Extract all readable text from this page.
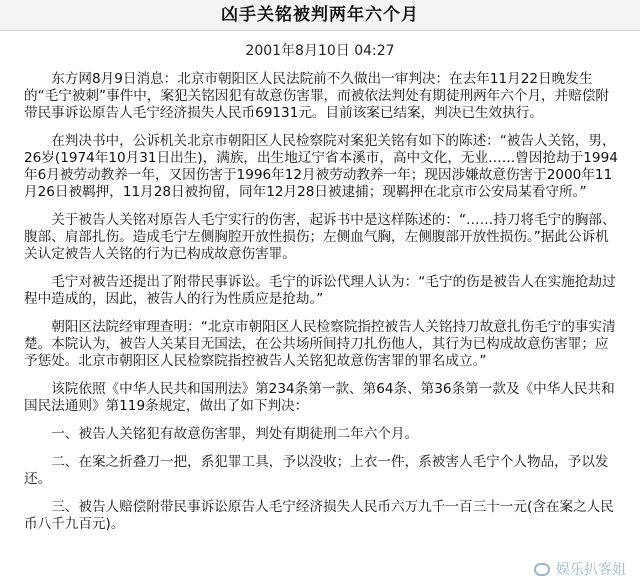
凶手关铭被判两年六个月
2001年8月10日 04:27

东方网8月9日消息：北京市朝阳区人民法院前不久做出一审判决：在去年11月22日晚发生的“毛宁被刺”事件中，案犯关铭因犯有故意伤害罪，而被依法判处有期徒刑两年六个月，并赔偿附带民事诉讼原告人毛宁经济损失人民币69131元。目前该案已结案，判决已生效执行。

在判决书中，公诉机关北京市朝阳区人民检察院对案犯关铭有如下的陈述：“被告人关铭，男，26岁(1974年10月31日出生)，满族，出生地辽宁省本溪市，高中文化，无业……曾因抢劫于1994年6月被劳动教养一年，又因伤害于1996年12月被劳动教养一年；现因涉嫌故意伤害于2000年11月26日被羁押，11月28日被拘留，同年12月28日被逮捕；现羁押在北京市公安局某看守所。”

关于被告人关铭对原告人毛宁实行的伤害，起诉书中是这样陈述的：“……持刀将毛宁的胸部、腹部、肩部扎伤。造成毛宁左侧胸腔开放性损伤；左侧血气胸，左侧腹部开放性损伤。”据此公诉机关认定被告人关铭的行为已构成故意伤害罪。

毛宁对被告还提出了附带民事诉讼。毛宁的诉讼代理人认为：“毛宁的伤是被告人在实施抢劫过程中造成的，因此，被告人的行为性质应是抢劫。”

朝阳区法院经审理查明：“北京市朝阳区人民检察院指控被告人关铭持刀故意扎伤毛宁的事实清楚。本院认为，被告人关某目无国法，在公共场所间持刀扎伤他人，其行为已构成故意伤害罪；应予惩处。北京市朝阳区人民检察院指控被告人关铭犯故意伤害罪的罪名成立。”

该院依照《中华人民共和国刑法》第234条第一款、第64条、第36条第一款及《中华人民共和国民法通则》第119条规定，做出了如下判决：

一、被告人关铭犯有故意伤害罪，判处有期徒刑二年六个月。

二、在案之折叠刀一把，系犯罪工具，予以没收；上衣一件，系被害人毛宁个人物品，予以发还。

三、被告人赔偿附带民事诉讼原告人毛宁经济损失人民币六万九千一百三十一元(含在案之人民币八千九百元)。

娱乐扒客姐
